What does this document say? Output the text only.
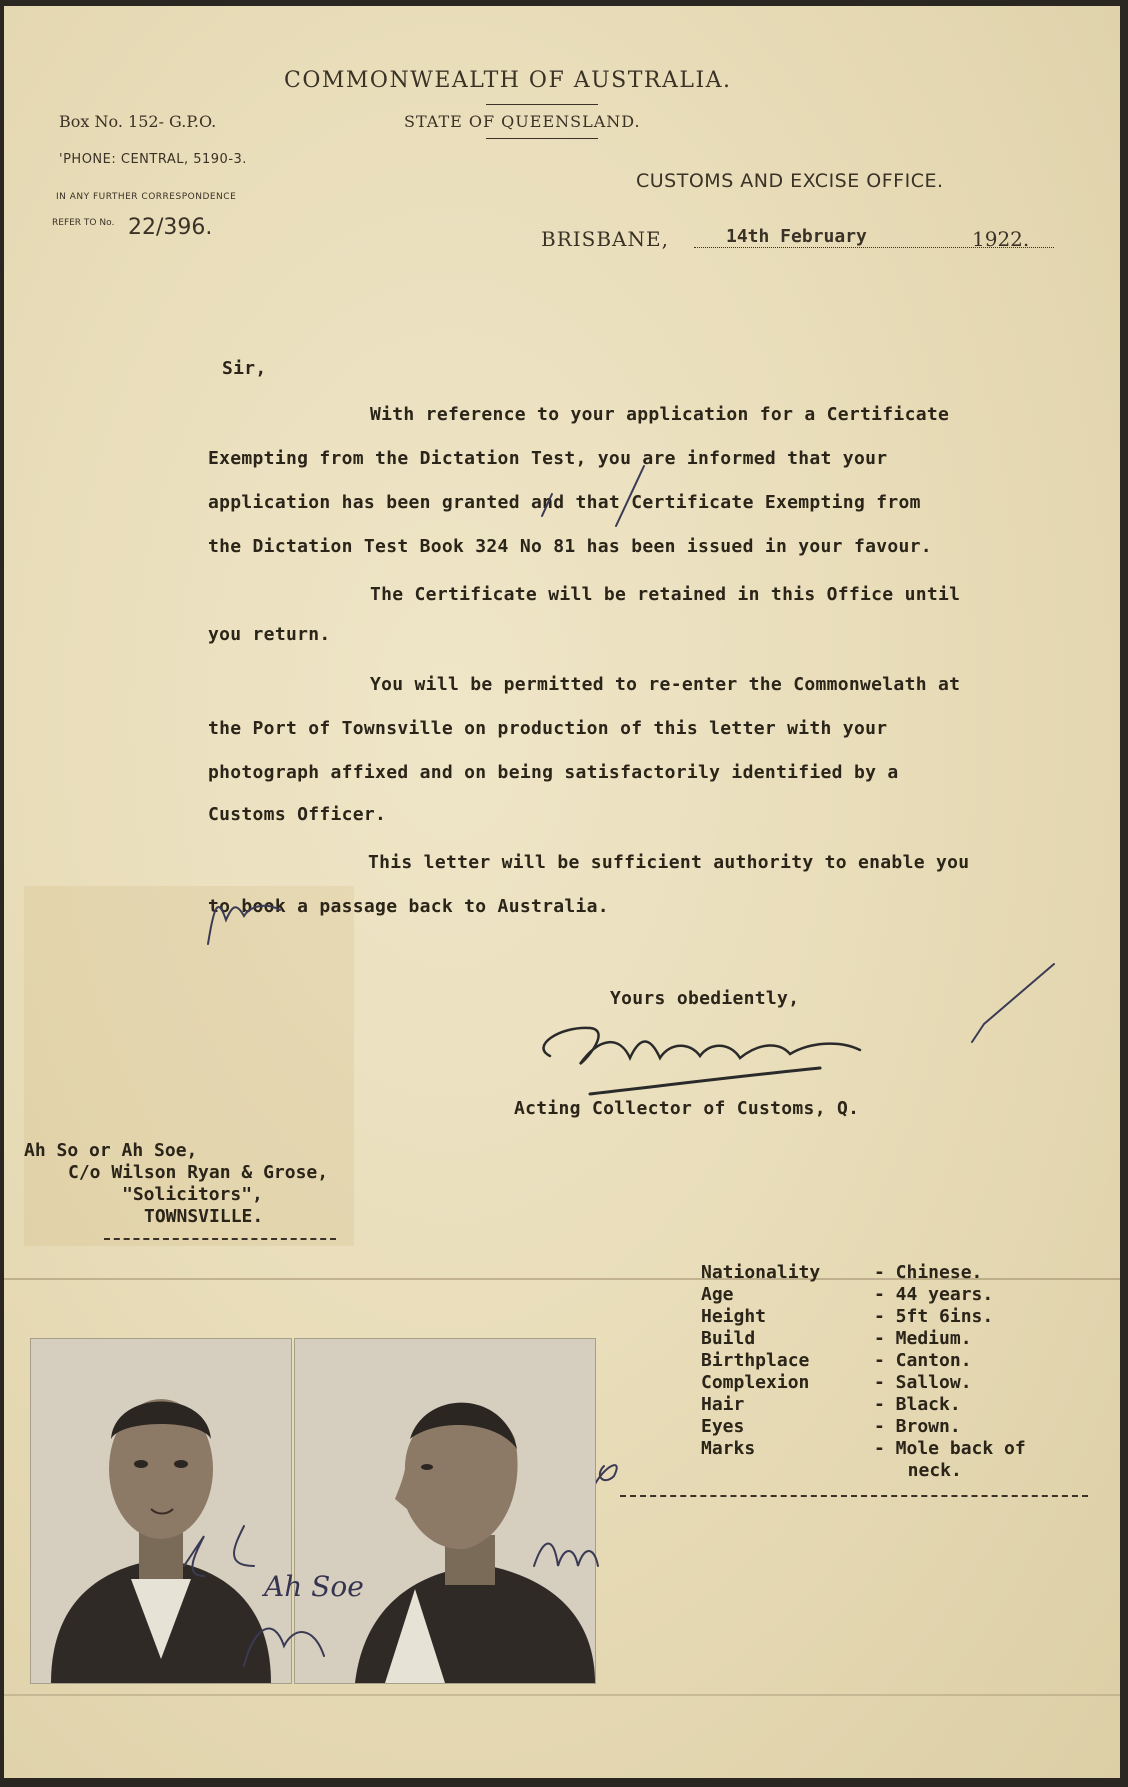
COMMONWEALTH OF AUSTRALIA.
STATE OF QUEENSLAND.
Box No. 152- G.P.O.
'PHONE: CENTRAL, 5190-3.
IN ANY FURTHER CORRESPONDENCE
REFER TO No. 22/396.
CUSTOMS AND EXCISE OFFICE.
BRISBANE,	14th February	1922.
Sir,
With reference to your application for a Certificate
Exempting from the Dictation Test, you are informed that your
application has been granted and that Certificate Exempting from
the Dictation Test Book 324 No 81 has been issued in your favour.
The Certificate will be retained in this Office until
you return.
You will be permitted to re-enter the Commonwelath at
the Port of Townsville on production of this letter with your
photograph affixed and on being satisfactorily identified by a
Customs Officer.
This letter will be sufficient authority to enable you
to book a passage back to Australia.
Yours obediently,
Acting Collector of Customs, Q.
Ah So or Ah Soe,
C/o Wilson Ryan & Grose,
"Solicitors",
TOWNSVILLE.
Nationality	- Chinese.
Age	- 44 years.
Height	- 5ft 6ins.
Build	- Medium.
Birthplace	- Canton.
Complexion	- Sallow.
Hair	- Black.
Eyes	- Brown.
Marks	- Mole back of
neck.
Ah Soe
